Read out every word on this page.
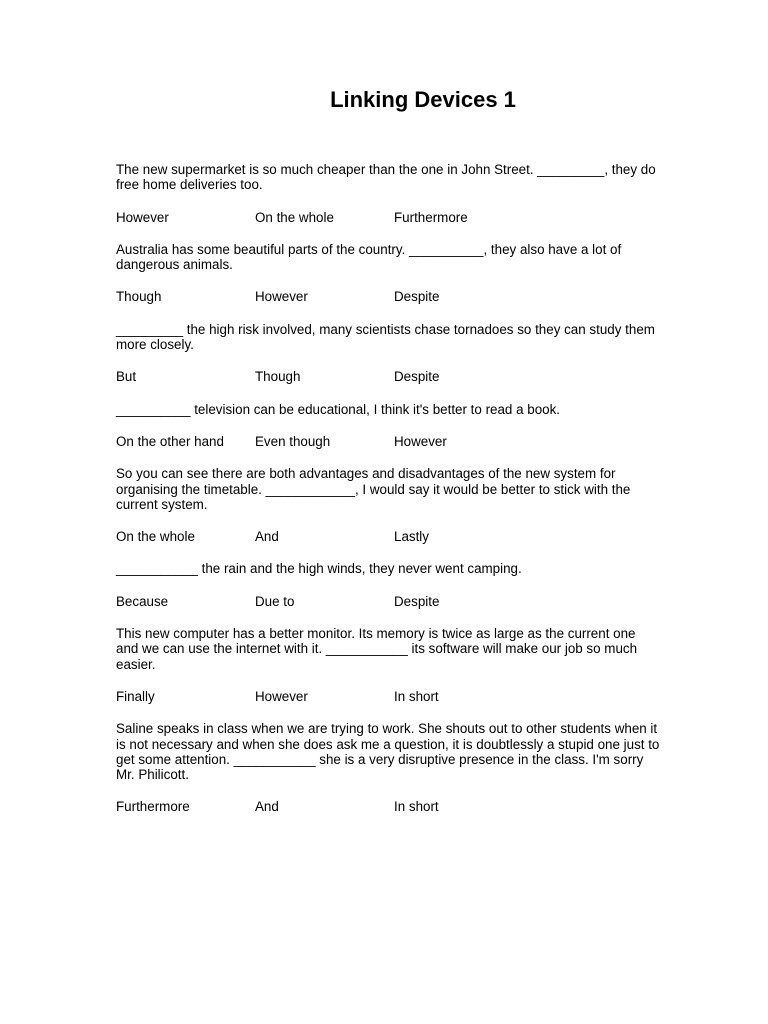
Linking Devices 1

The new supermarket is so much cheaper than the one in John Street. _________, they do free home deliveries too.

However	On the whole	Furthermore

Australia has some beautiful parts of the country. __________, they also have a lot of dangerous animals.

Though	However	Despite

_________ the high risk involved, many scientists chase tornadoes so they can study them more closely.

But	Though	Despite

__________ television can be educational, I think it's better to read a book.

On the other hand	Even though	However

So you can see there are both advantages and disadvantages of the new system for organising the timetable. ____________, I would say it would be better to stick with the current system.

On the whole	And	Lastly

___________ the rain and the high winds, they never went camping.

Because	Due to	Despite

This new computer has a better monitor. Its memory is twice as large as the current one and we can use the internet with it. ___________ its software will make our job so much easier.

Finally	However	In short

Saline speaks in class when we are trying to work. She shouts out to other students when it is not necessary and when she does ask me a question, it is doubtlessly a stupid one just to get some attention. ___________ she is a very disruptive presence in the class. I'm sorry Mr. Philicott.

Furthermore	And	In short
